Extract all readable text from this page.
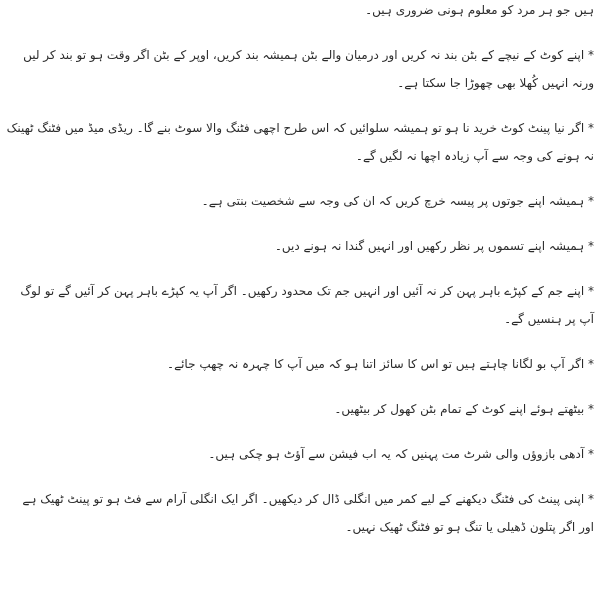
ہیں جو ہر مرد کو معلوم ہونی ضروری ہیں۔

* اپنے کوٹ کے نیچے کے بٹن بند نہ کریں اور درمیان والے بٹن ہمیشہ بند کریں، اوپر کے بٹن اگر وقت ہو تو بند کر لیں ورنہ انہیں کُھلا بھی چھوڑا جا سکتا ہے۔

* اگر نیا پینٹ کوٹ خرید نا ہو تو ہمیشہ سلوائیں کہ اس طرح اچھی فٹنگ والا سوٹ بنے گا۔ ریڈی میڈ میں فٹنگ ٹھینک نہ ہونے کی وجہ سے آپ زیادہ اچھا نہ لگیں گے۔

* ہمیشہ اپنے جوتوں پر پیسہ خرچ کریں کہ ان کی وجہ سے شخصیت بنتی ہے۔

* ہمیشہ اپنے تسموں پر نظر رکھیں اور انہیں گندا نہ ہونے دیں۔

* اپنے جم کے کپڑے باہر پہن کر نہ آئیں اور انہیں جم تک محدود رکھیں۔ اگر آپ یہ کپڑے باہر پہن کر آئیں گے تو لوگ آپ پر ہنسیں گے۔

* اگر آپ بو لگانا چاہتے ہیں تو اس کا سائز اتنا ہو کہ میں آپ کا چہرہ نہ چھپ جائے۔

* بیٹھتے ہوئے اپنے کوٹ کے تمام بٹن کھول کر بیٹھیں۔

* آدھی بازوؤں والی شرٹ مت پہنیں کہ یہ اب فیشن سے آؤٹ ہو چکی ہیں۔

* اپنی پینٹ کی فٹنگ دیکھنے کے لیے کمر میں انگلی ڈال کر دیکھیں۔ اگر ایک انگلی آرام سے فٹ ہو تو پینٹ ٹھیک ہے اور اگر پتلون ڈھیلی یا تنگ ہو تو فٹنگ ٹھیک نہیں۔
